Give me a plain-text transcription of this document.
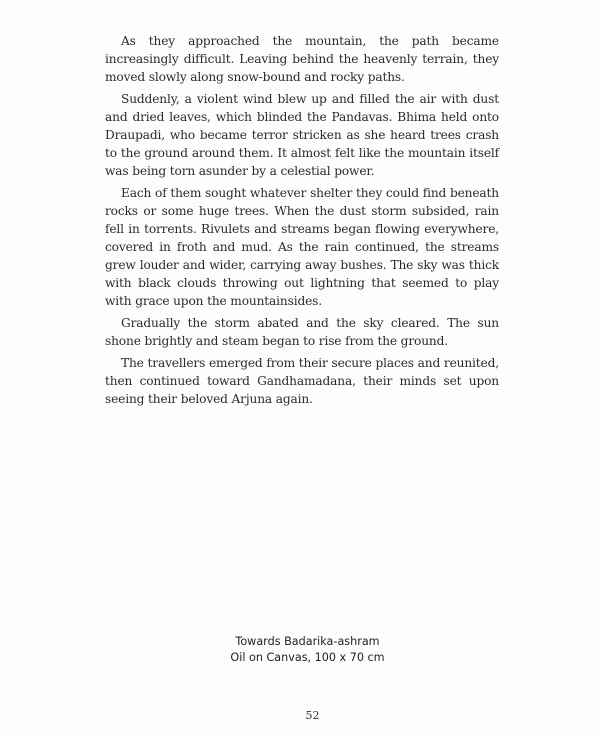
As they approached the mountain, the path became increasingly difficult. Leaving behind the heavenly terrain, they moved slowly along snow-bound and rocky paths.

Suddenly, a violent wind blew up and filled the air with dust and dried leaves, which blinded the Pandavas. Bhima held onto Draupadi, who became terror stricken as she heard trees crash to the ground around them. It almost felt like the mountain itself was being torn asunder by a celestial power.

Each of them sought whatever shelter they could find beneath rocks or some huge trees. When the dust storm subsided, rain fell in torrents. Rivulets and streams began flowing everywhere, covered in froth and mud. As the rain continued, the streams grew louder and wider, carrying away bushes. The sky was thick with black clouds throwing out lightning that seemed to play with grace upon the mountainsides.

Gradually the storm abated and the sky cleared. The sun shone brightly and steam began to rise from the ground.

The travellers emerged from their secure places and reunited, then continued toward Gandhamadana, their minds set upon seeing their beloved Arjuna again.

Towards Badarika-ashram
Oil on Canvas, 100 x 70 cm
52
